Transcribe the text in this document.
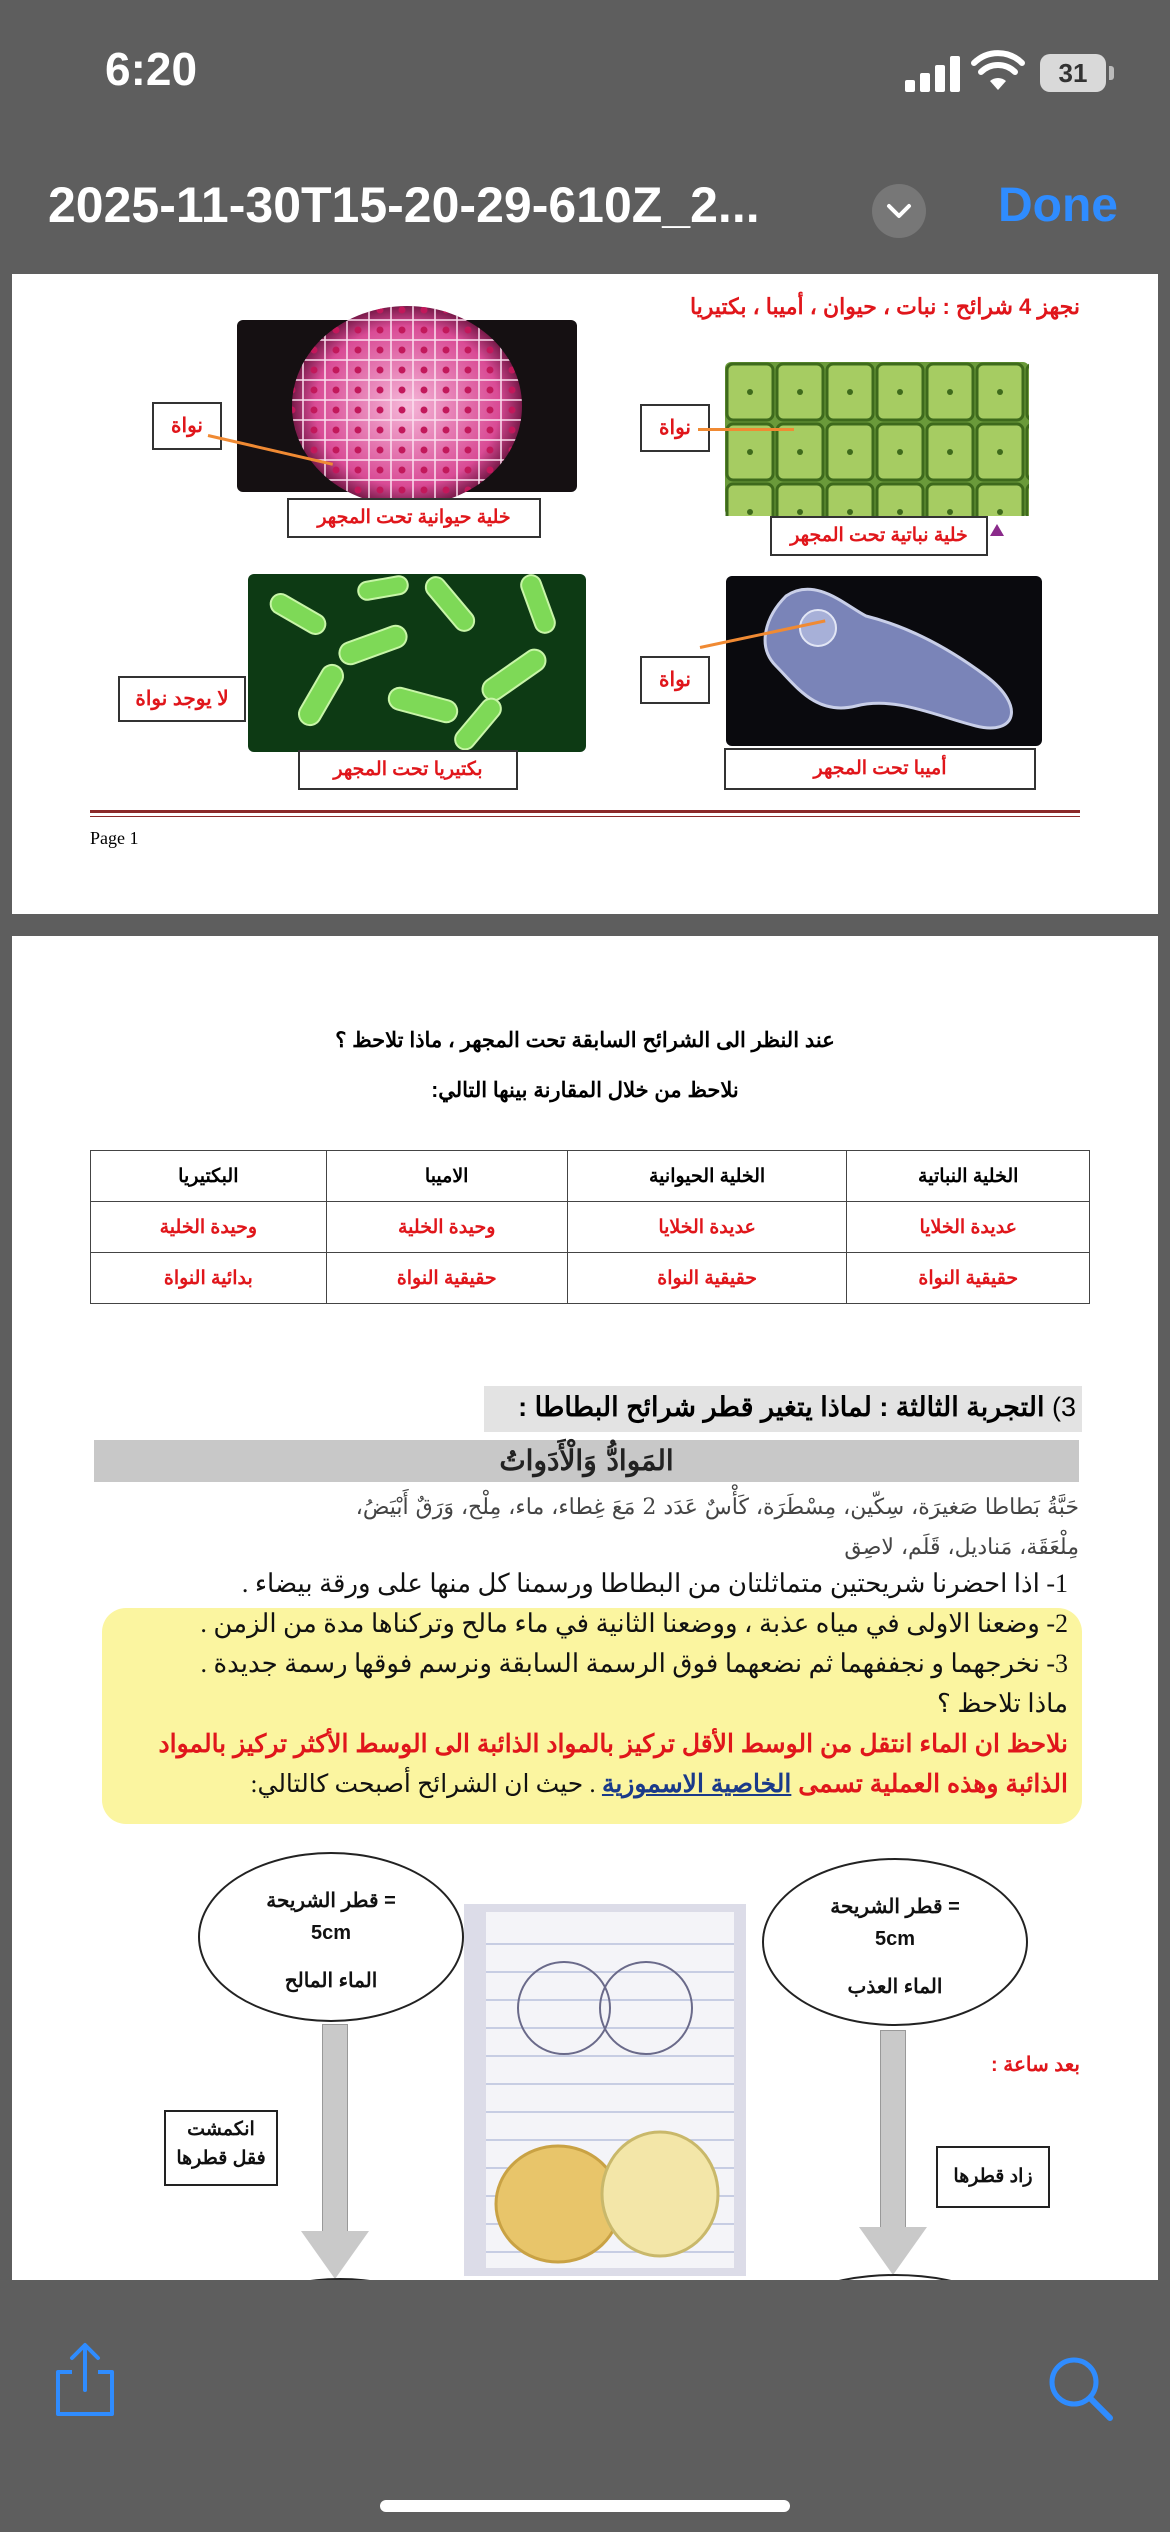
6:20	31
2025-11-30T15-20-29-610Z_2...	Done
نجهز 4 شرائح : نبات ، حيوان ، أميبا ، بكتيريا
نواة
خلية حيوانية تحت المجهر
نواة
خلية نباتية تحت المجهر
لا يوجد نواة
بكتيريا تحت المجهر
نواة
أميبا تحت المجهر
Page 1
عند النظر الى الشرائح السابقة تحت المجهر ، ماذا تلاحظ ؟
نلاحظ من خلال المقارنة بينها التالي:
الخلية النباتية	الخلية الحيوانية	الاميبا	البكتيريا
عديدة الخلايا	عديدة الخلايا	وحيدة الخلية	وحيدة الخلية
حقيقية النواة	حقيقية النواة	حقيقية النواة	بدائية النواة
3) التجربة الثالثة : لماذا يتغير قطر شرائح البطاطا :
المَوادُّ وَالْأَدَواتُ
حَبَّةُ بَطاطا صَغيرَة، سِكّين، مِسْطَرَة، كَأْسٌ عَدَد 2 مَعَ غِطاء، ماء، مِلْح، وَرَقٌ أَبْيَضُ،
مِلْعَقَة، مَناديل، قَلَم، لاصِق
1- اذا احضرنا شريحتين متماثلتان من البطاطا ورسمنا كل منها على ورقة بيضاء .
2- وضعنا الاولى في مياه عذبة ، ووضعنا الثانية في ماء مالح وتركناها مدة من الزمن .
3- نخرجهما و نجففهما ثم نضعهما فوق الرسمة السابقة ونرسم فوقها رسمة جديدة .
ماذا تلاحظ ؟
نلاحظ ان الماء انتقل من الوسط الأقل تركيز بالمواد الذائبة الى الوسط الأكثر تركيز بالمواد
الذائبة وهذه العملية تسمى الخاصية الاسموزية . حيث ان الشرائح أصبحت كالتالي:
قطر الشريحة =
5cm
الماء العذب
قطر الشريحة =
5cm
الماء المالح
بعد ساعة :
انكمشت
فقل قطرها
زاد قطرها
